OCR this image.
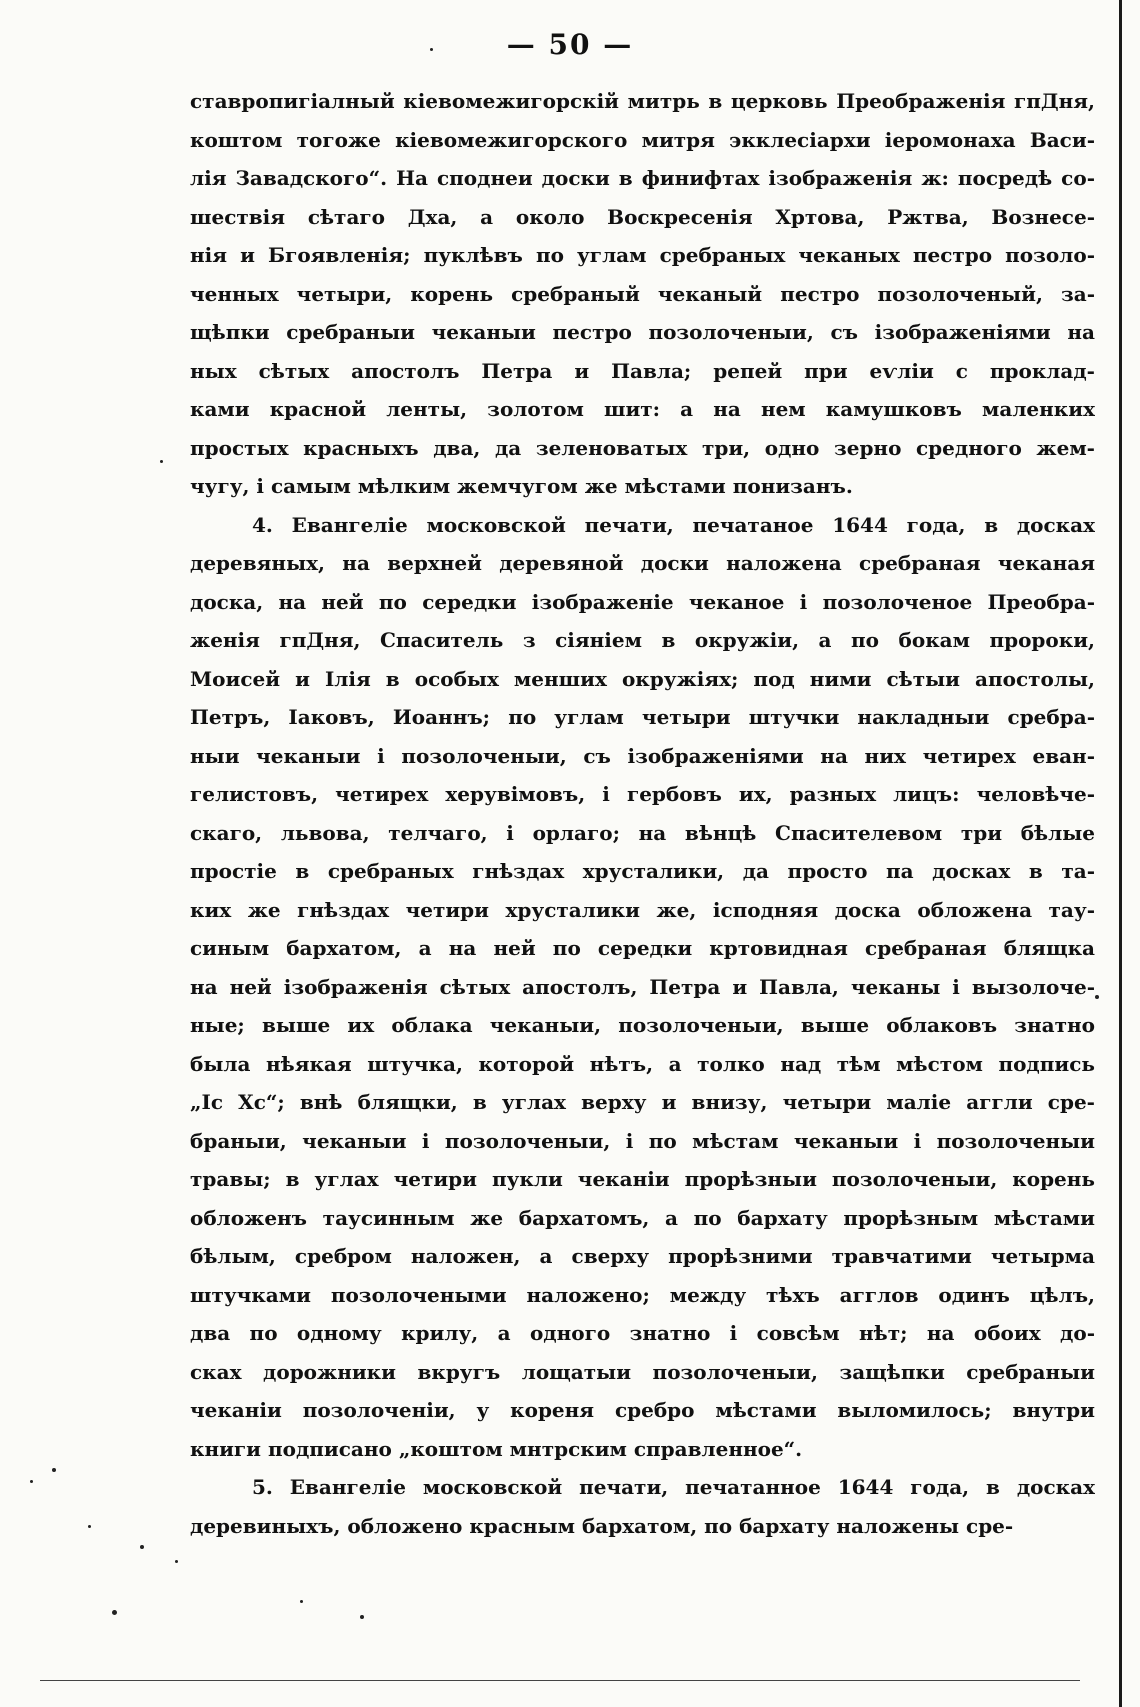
— 50 —
ставропигіалный кіевомежигорскій митрь в церковь Преображенія гпДня,
коштом тогоже кіевомежигорского митря экклесіархи іеромонаха Васи-
лія Завадского“. На споднеи доски в финифтах ізображенія ж: посредѣ со-
шествія сѣтаго Дха, а около Воскресенія Хртова, Ржтва, Вознесе-
нія и Бгоявленія; пуклѣвъ по углам сребраных чеканых пестро позоло-
ченных четыри, корень сребраный чеканый пестро позолоченый, за-
щѣпки сребраныи чеканыи пестро позолоченыи, съ ізображеніями на
ных сѣтых апостолъ Петра и Павла; репей при еѵліи с проклад-
ками красной ленты, золотом шит: а на нем камушковъ маленких
простых красныхъ два, да зеленоватых три, одно зерно средного жем-
чугу, і самым мѣлким жемчугом же мѣстами понизанъ.
4. Евангеліе московской печати, печатаное 1644 года, в досках
деревяных, на верхней деревяной доски наложена сребраная чеканая
доска, на ней по середки ізображеніе чеканое і позолоченое Преобра-
женія гпДня, Спаситель з сіяніем в окружіи, а по бокам пророки,
Моисей и Ілія в особых менших окружіях; под ними сѣтыи апостолы,
Петръ, Іаковъ, Иоаннъ; по углам четыри штучки накладныи сребра-
ныи чеканыи і позолоченыи, съ ізображеніями на них четирех еван-
гелистовъ, четирех херувімовъ, і гербовъ их, разных лицъ: человѣче-
скаго, львова, телчаго, і орлаго; на вѣнцѣ Спасителевом три бѣлые
простіе в сребраных гнѣздах хрусталики, да просто па досках в та-
ких же гнѣздах четири хрусталики же, ісподняя доска обложена тау-
синым бархатом, а на ней по середки кртовидная сребраная блящка
на ней ізображенія сѣтых апостолъ, Петра и Павла, чеканы і вызолоче-
ные; выше их облака чеканыи, позолоченыи, выше облаковъ знатно
была нѣякая штучка, которой нѣтъ, а толко над тѣм мѣстом подпись
„Іс Хс“; внѣ блящки, в углах верху и внизу, четыри маліе аггли сре-
браныи, чеканыи і позолоченыи, і по мѣстам чеканыи і позолоченыи
травы; в углах четири пукли чеканіи прорѣзныи позолоченыи, корень
обложенъ таусинным же бархатомъ, а по бархату прорѣзным мѣстами
бѣлым, сребром наложен, а сверху прорѣзними травчатими четырма
штучками позолочеными наложено; между тѣхъ агглов одинъ цѣлъ,
два по одному крилу, а одного знатно і совсѣм нѣт; на обоих до-
сках дорожники вкругъ лощатыи позолоченыи, защѣпки сребраныи
чеканіи позолоченіи, у кореня сребро мѣстами выломилось; внутри
книги подписано „коштом мнтрским справленное“.
5. Евангеліе московской печати, печатанное 1644 года, в досках
деревиныхъ, обложено красным бархатом, по бархату наложены сре-
